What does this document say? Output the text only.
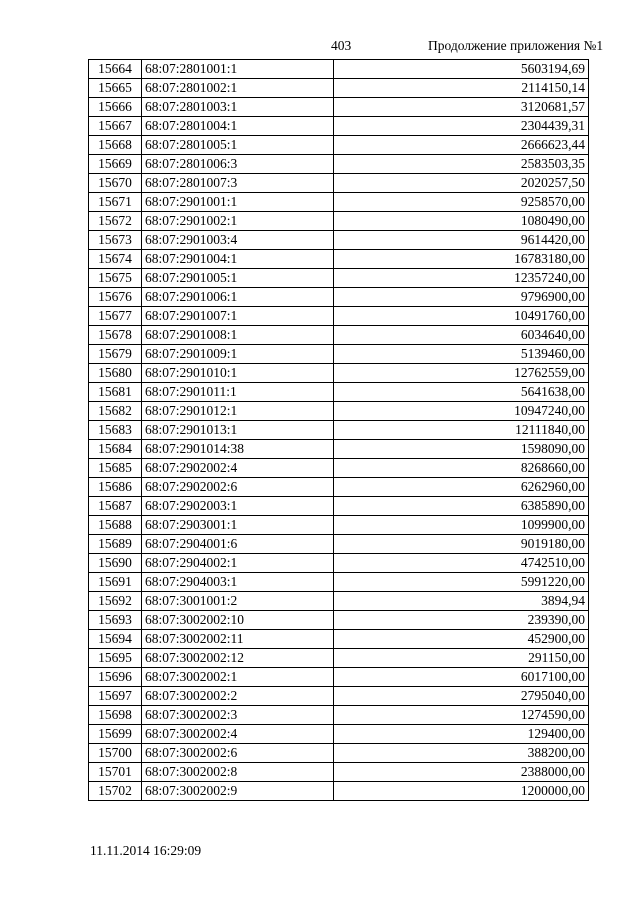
403	Продолжение приложения №1
15664	68:07:2801001:1	5603194,69
15665	68:07:2801002:1	2114150,14
15666	68:07:2801003:1	3120681,57
15667	68:07:2801004:1	2304439,31
15668	68:07:2801005:1	2666623,44
15669	68:07:2801006:3	2583503,35
15670	68:07:2801007:3	2020257,50
15671	68:07:2901001:1	9258570,00
15672	68:07:2901002:1	1080490,00
15673	68:07:2901003:4	9614420,00
15674	68:07:2901004:1	16783180,00
15675	68:07:2901005:1	12357240,00
15676	68:07:2901006:1	9796900,00
15677	68:07:2901007:1	10491760,00
15678	68:07:2901008:1	6034640,00
15679	68:07:2901009:1	5139460,00
15680	68:07:2901010:1	12762559,00
15681	68:07:2901011:1	5641638,00
15682	68:07:2901012:1	10947240,00
15683	68:07:2901013:1	12111840,00
15684	68:07:2901014:38	1598090,00
15685	68:07:2902002:4	8268660,00
15686	68:07:2902002:6	6262960,00
15687	68:07:2902003:1	6385890,00
15688	68:07:2903001:1	1099900,00
15689	68:07:2904001:6	9019180,00
15690	68:07:2904002:1	4742510,00
15691	68:07:2904003:1	5991220,00
15692	68:07:3001001:2	3894,94
15693	68:07:3002002:10	239390,00
15694	68:07:3002002:11	452900,00
15695	68:07:3002002:12	291150,00
15696	68:07:3002002:1	6017100,00
15697	68:07:3002002:2	2795040,00
15698	68:07:3002002:3	1274590,00
15699	68:07:3002002:4	129400,00
15700	68:07:3002002:6	388200,00
15701	68:07:3002002:8	2388000,00
15702	68:07:3002002:9	1200000,00
11.11.2014 16:29:09
